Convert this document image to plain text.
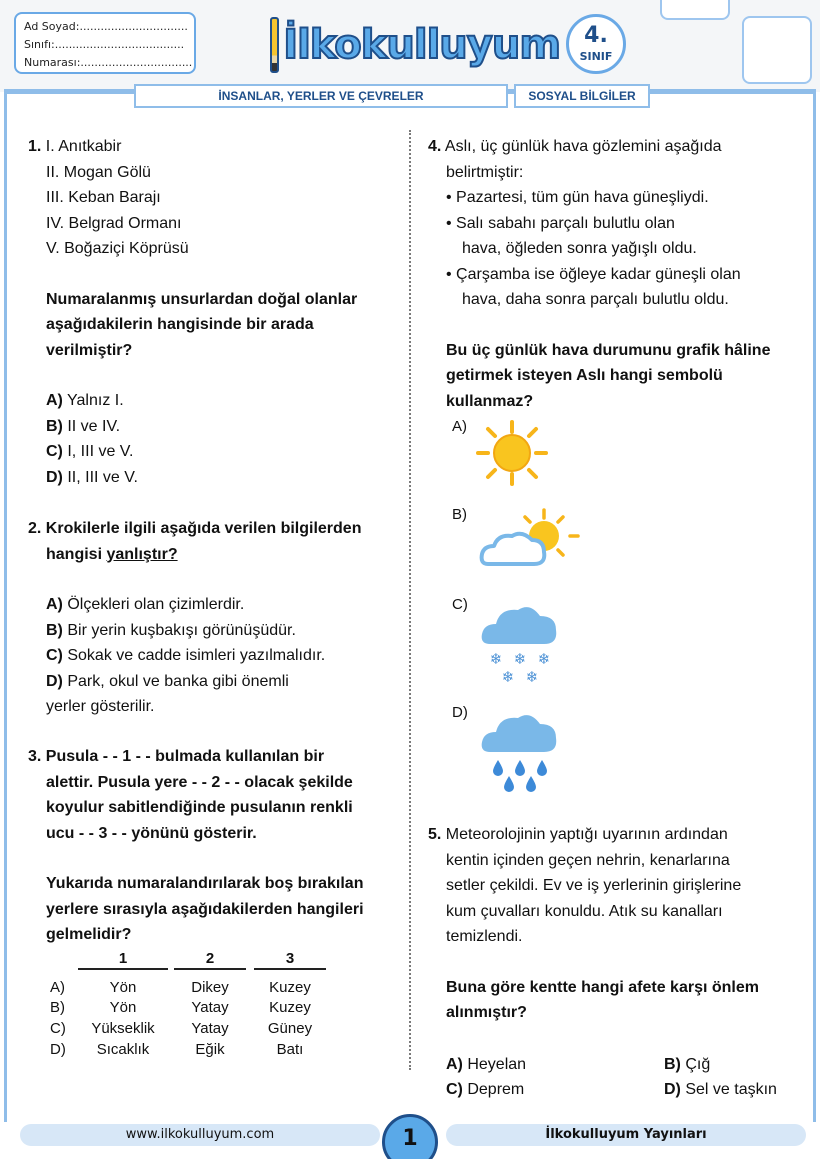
Ad Soyad:...............................
Sınıfı:.....................................
Numarası:................................ İlkokulluyum	4.
SINIF
İNSANLAR, YERLER VE ÇEVRELER	SOSYAL BİLGİLER
1. I. Anıtkabir
II. Mogan Gölü
III. Keban Barajı
IV. Belgrad Ormanı
V. Boğaziçi Köprüsü
Numaralanmış unsurlardan doğal olanlar
aşağıdakilerin hangisinde bir arada
verilmiştir?
A) Yalnız I.
B) II ve IV.
C) I, III ve V.
D) II, III ve V.
2. Krokilerle ilgili aşağıda verilen bilgilerden
hangisi yanlıştır?
A) Ölçekleri olan çizimlerdir.
B) Bir yerin kuşbakışı görünüşüdür.
C) Sokak ve cadde isimleri yazılmalıdır.
D) Park, okul ve banka gibi önemli
yerler gösterilir.
3. Pusula - - 1 - - bulmada kullanılan bir
alettir. Pusula yere - - 2 - - olacak şekilde
koyulur sabitlendiğinde pusulanın renkli
ucu - - 3 - - yönünü gösterir.
Yukarıda numaralandırılarak boş bırakılan
yerlere sırasıyla aşağıdakilerden hangileri
gelmelidir?
1	2	3
A)	Yön	Dikey	Kuzey
B)	Yön	Yatay	Kuzey
C)	Yükseklik	Yatay	Güney
D)	Sıcaklık	Eğik	Batı
4. Aslı, üç günlük hava gözlemini aşağıda
belirtmiştir:
• Pazartesi, tüm gün hava güneşliydi.
• Salı sabahı parçalı bulutlu olan
hava, öğleden sonra yağışlı oldu.
• Çarşamba ise öğleye kadar güneşli olan
hava, daha sonra parçalı bulutlu oldu.
Bu üç günlük hava durumunu grafik hâline
getirmek isteyen Aslı hangi sembolü
kullanmaz?
A)
B)
C)
D)
❄ ❄ ❄
❄ ❄
5. Meteorolojinin yaptığı uyarının ardından
kentin içinden geçen nehrin, kenarlarına
setler çekildi. Ev ve iş yerlerinin girişlerine
kum çuvalları konuldu. Atık su kanalları
temizlendi.
Buna göre kentte hangi afete karşı önlem
alınmıştır?
A) Heyelan	B) Çığ
C) Deprem	D) Sel ve taşkın
www.ilkokulluyum.com	İlkokulluyum Yayınları
1
